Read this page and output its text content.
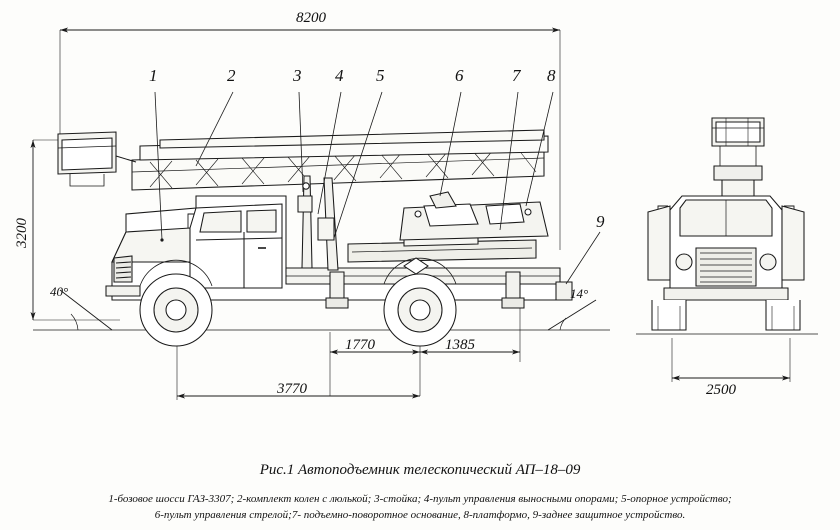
8200
3200
40°	14°
1770	1385
3770	2500
1	2	3 4 5	6	7 8
9
Рис.1 Автоподъемник телескопический АП–18–09
1-бозовое шосси ГАЗ-3307; 2-комплект колен с люлькой; 3-стойка; 4-пульт управления выносными опорами; 5-опорное устройство;
6-пульт управления стрелой;7- подъемно-поворотное основание, 8-платформо, 9-заднее защитное устройство.
